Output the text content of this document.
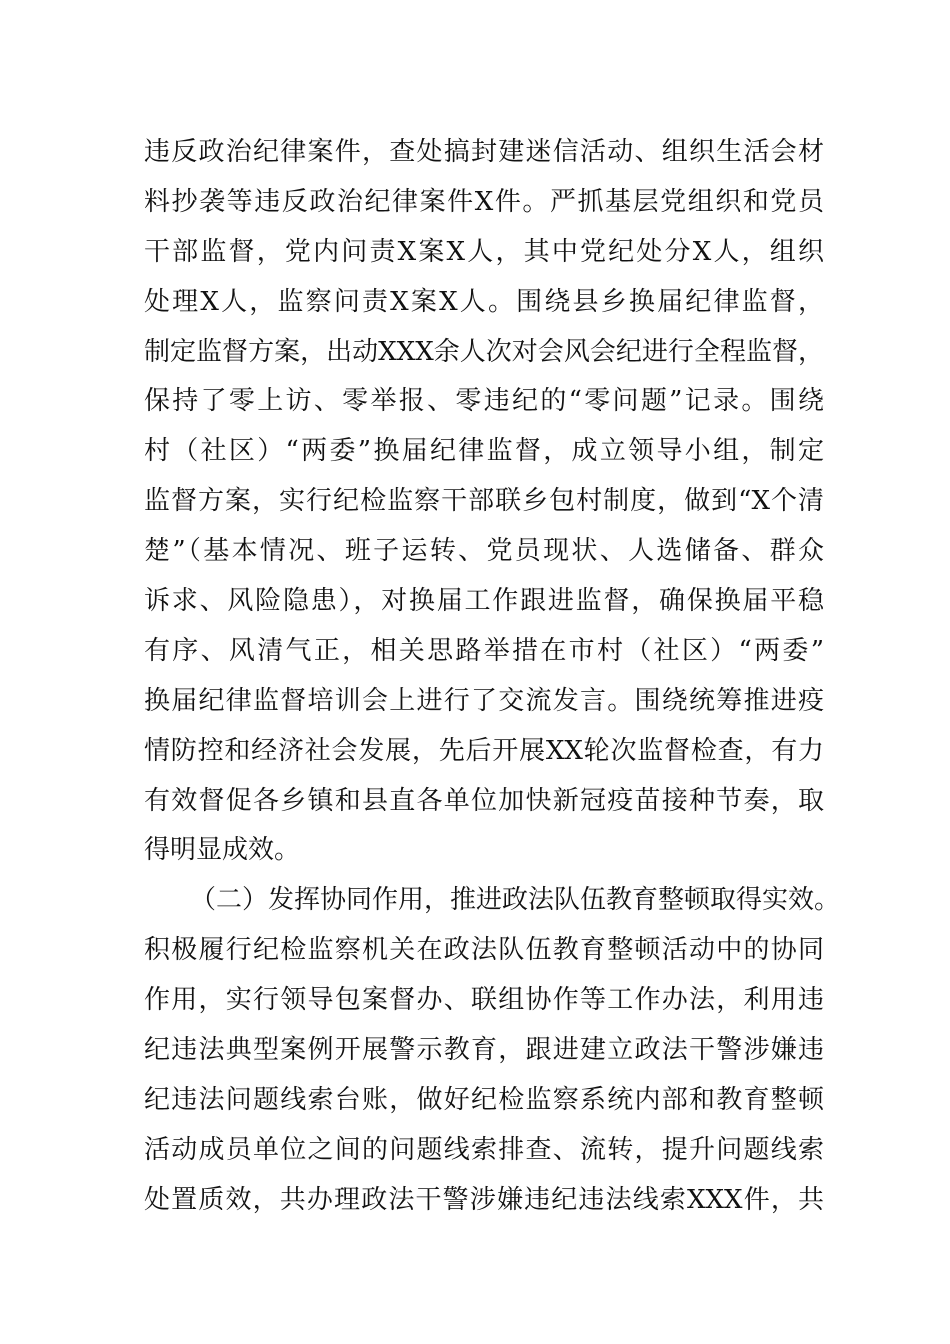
违反政治纪律案件，查处搞封建迷信活动、组织生活会材
料抄袭等违反政治纪律案件X件。严抓基层党组织和党员
干部监督，党内问责X案X人，其中党纪处分X人，组织
处理X人，监察问责X案X人。围绕县乡换届纪律监督，
制定监督方案，出动XXX余人次对会风会纪进行全程监督，
保持了零上访、零举报、零违纪的“零问题”记录。围绕
村（社区）“两委”换届纪律监督，成立领导小组，制定
监督方案，实行纪检监察干部联乡包村制度，做到“X个清
楚”（基本情况、班子运转、党员现状、人选储备、群众
诉求、风险隐患），对换届工作跟进监督，确保换届平稳
有序、风清气正，相关思路举措在市村（社区）“两委”
换届纪律监督培训会上进行了交流发言。围绕统筹推进疫
情防控和经济社会发展，先后开展XX轮次监督检查，有力
有效督促各乡镇和县直各单位加快新冠疫苗接种节奏，取
得明显成效。
（二）发挥协同作用，推进政法队伍教育整顿取得实效。
积极履行纪检监察机关在政法队伍教育整顿活动中的协同
作用，实行领导包案督办、联组协作等工作办法，利用违
纪违法典型案例开展警示教育，跟进建立政法干警涉嫌违
纪违法问题线索台账，做好纪检监察系统内部和教育整顿
活动成员单位之间的问题线索排查、流转，提升问题线索
处置质效，共办理政法干警涉嫌违纪违法线索XXX件，共
